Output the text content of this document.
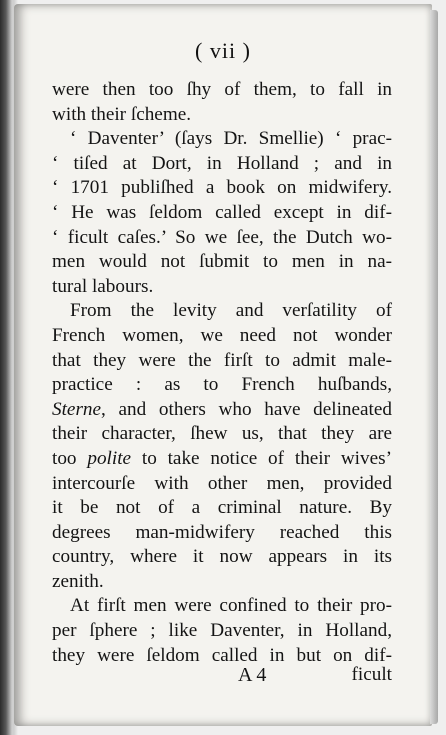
( vii )
were then too ſhy of them, to fall in
with their ſcheme.
‘ Daventer’ (ſays Dr. Smellie) ‘ prac-
‘ tiſed at Dort, in Holland ; and in
‘ 1701 publiſhed a book on midwifery.
‘ He was ſeldom called except in dif-
‘ ficult caſes.’ So we ſee, the Dutch wo-
men would not ſubmit to men in na-
tural labours.
From the levity and verſatility of
French women, we need not wonder
that they were the firſt to admit male-
practice : as to French huſbands,
Sterne, and others who have delineated
their character, ſhew us, that they are
too polite to take notice of their wives’
intercourſe with other men, provided
it be not of a criminal nature. By
degrees man-midwifery reached this
country, where it now appears in its
zenith.
At firſt men were confined to their pro-
per ſphere ; like Daventer, in Holland,
they were ſeldom called in but on dif-
A 4	ficult
